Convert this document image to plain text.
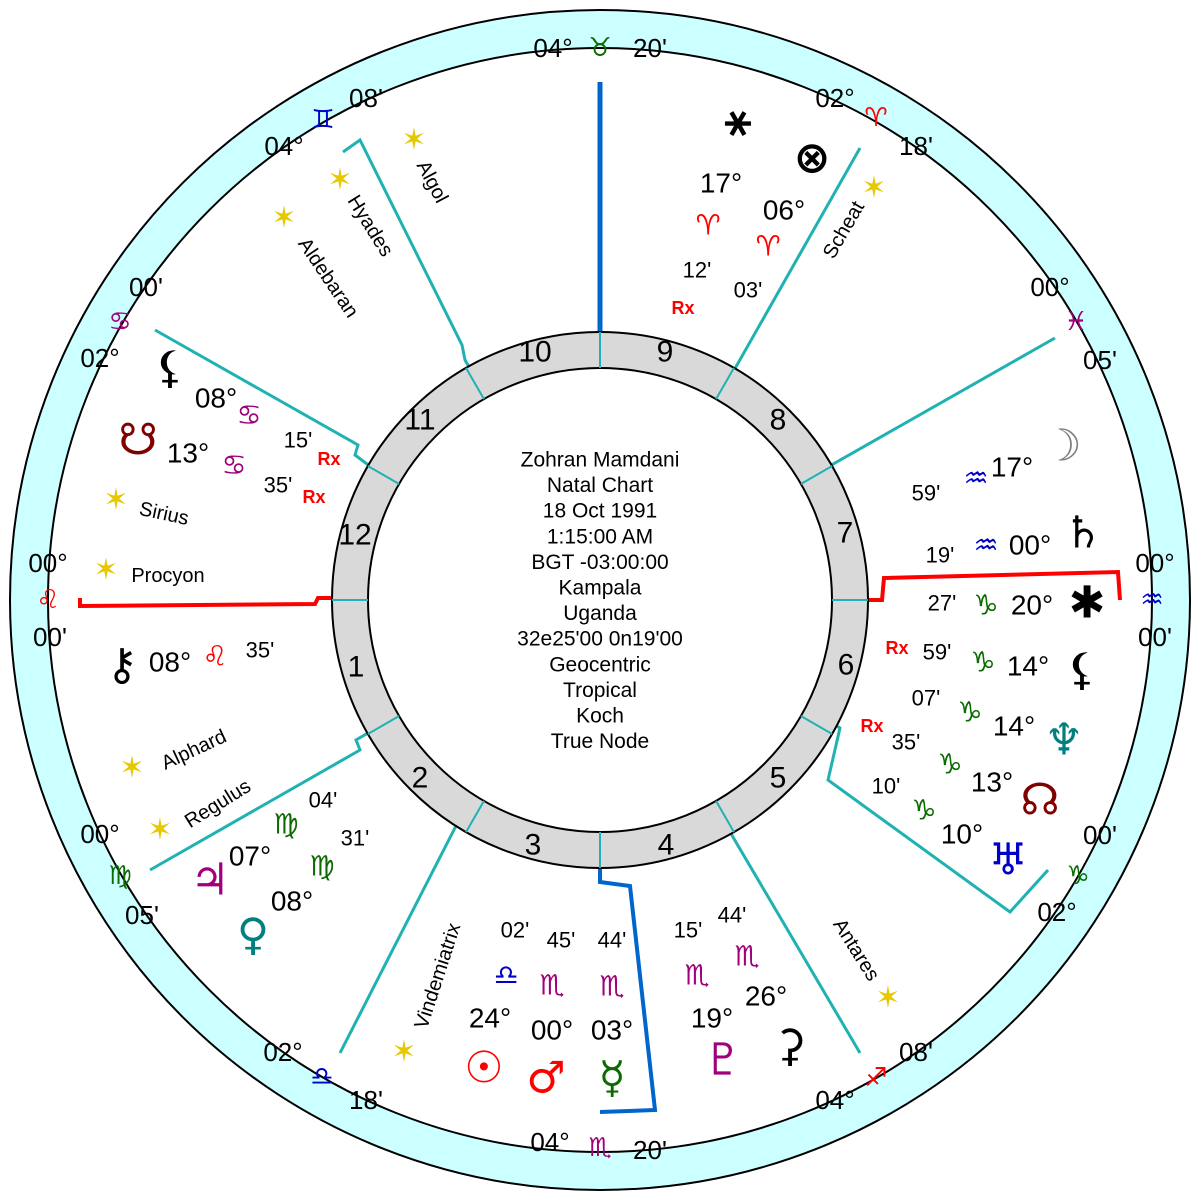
1
2
3	4
5
6
7
8
9
10
11
12
Zohran Mamdani
Natal Chart
18 Oct 1991
1:15:00 AM
BGT -03:00:00
Kampala
Uganda
32e25'00 0n19'00
Geocentric
Tropical
Koch
True Node
00°
♌
00'
00°
♍
05'
02°
♎
18'
04° ♏ 20'
04°
♐
08'
02°
♑
00°
♒
00'
00°
♓
05'
02°
♈
18'
04° ♉ 20'
04°
♊
08'
02°
♋
00'
00'
☽
17°
♒
59'
♄
00°
♒
19'
✱
20°
♑
27'
⚸
14°
♑
59'
Rx
♆
14°
♑
07'
☊
13°
♑
35'
Rx
♅
10°
♑
10'
⚳
26°
♏
44'
♇
19°
♏
15'
☿
03°
♏
44'
♂
00°
♏
45'
☉
24°
♎
02'
♀
08°
♍
31'
♃ 07°
♍
04'
⚷ 08° ♌ 35'
☋ 13° ♋
35' Rx
⚸
08°
♋
15'
Rx
⊗
06°
♈
03'
⚹
17°
♈
12'
Rx
✶
Algol
✶
Hyades
✶
Aldebaran
✶
Scheat
✶ Sirius
✶ Procyon
✶ Alphard
✶ Regulus
✶
Vindemiatrix	✶
Antares
